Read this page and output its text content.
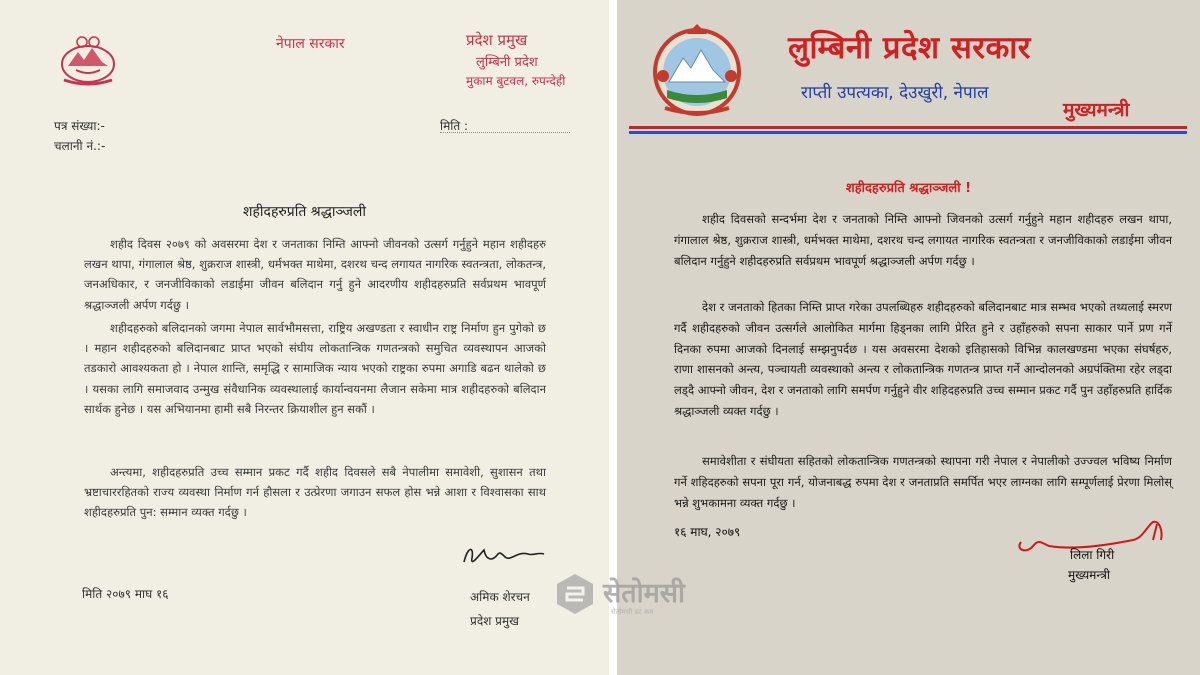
नेपाल सरकार	प्रदेश प्रमुख

लुम्बिनी प्रदेश

मुकाम बुटवल, रुपन्देही

पत्र संख्या:-	मिति :

चलानी नं.:-

शहीदहरुप्रति श्रद्धाञ्जली

शहीद दिवस २०७९ को अवसरमा देश र जनताका निम्ति आफ्नो जीवनको उत्सर्ग गर्नुहुने महान शहीदहरु लखन थापा, गंगालाल श्रेष्ठ, शुक्रराज शास्त्री, धर्मभक्त माथेमा, दशरथ चन्द लगायत नागरिक स्वतन्त्रता, लोकतन्त्र, जनअधिकार, र जनजीविकाको लडाईमा जीवन बलिदान गर्नु हुने आदरणीय शहीदहरुप्रति सर्वप्रथम भावपूर्ण श्रद्धाञ्जली अर्पण गर्दछु ।

शहीदहरुको बलिदानको जगमा नेपाल सार्वभौमसत्ता, राष्ट्रिय अखण्डता र स्वाधीन राष्ट्र निर्माण हुन पुगेको छ । महान शहीदहरुको बलिदानबाट प्राप्त भएको संघीय लोकतान्त्रिक गणतन्त्रको समुचित व्यवस्थापन आजको तडकारो आवश्यकता हो । नेपाल शान्ति, समृद्धि र सामाजिक न्याय भएको राष्ट्रका रुपमा अगाडि बढन थालेको छ । यसका लागि समाजवाद उन्मुख संवैधानिक व्यवस्थालाई कार्यान्वयनमा लैजान सकेमा मात्र शहीदहरुको बलिदान सार्थक हुनेछ । यस अभियानमा हामी सबै निरन्तर क्रियाशील हुन सकौं ।

अन्त्यमा, शहीदहरुप्रति उच्च सम्मान प्रकट गर्दै शहीद दिवसले सबै नेपालीमा समावेशी, सुशासन तथा भ्रष्टाचाररहितको राज्य व्यवस्था निर्माण गर्न हौसला र उत्प्रेरणा जगाउन सफल होस भन्ने आशा र विश्वासका साथ शहीदहरुप्रति पुन: सम्मान व्यक्त गर्दछु ।

मिति २०७९ माघ १६	अमिक शेरचन

प्रदेश प्रमुख

लुम्बिनी प्रदेश सरकार

राप्ती उपत्यका, देउखुरी, नेपाल

मुख्यमन्त्री

शहीदहरुप्रति श्रद्धाञ्जली !

शहीद दिवसको सन्दर्भमा देश र जनताको निम्ति आफ्नो जिवनको उत्सर्ग गर्नुहुने महान शहीदहरु लखन थापा, गंगालाल श्रेष्ठ, शुक्रराज शास्त्री, धर्मभक्त माथेमा, दशरथ चन्द लगायत नागरिक स्वतन्त्रता र जनजीविकाको लडाईमा जीवन बलिदान गर्नुहुने शहीदहरुप्रति सर्वप्रथम भावपूर्ण श्रद्धाञ्जली अर्पण गर्दछु ।

देश र जनताको हितका निम्ति प्राप्त गरेका उपलब्धिहरु शहीदहरुको बलिदानबाट मात्र सम्भव भएको तथ्यलाई स्मरण गर्दै शहीदहरुको जीवन उत्सर्गले आलोकित मार्गमा हिड्नका लागि प्रेरित हुने र उहाँहरुको सपना साकार पार्ने प्रण गर्ने दिनका रुपमा आजको दिनलाई सम्झनुपर्दछ । यस अवसरमा देशको इतिहासको विभिन्न कालखण्डमा भएका संघर्षहरु, राणा शासनको अन्त्य, पञ्चायती व्यवस्थाको अन्त्य र लोकतान्त्रिक गणतन्त्र प्राप्त गर्ने आन्दोलनको अग्रपंक्तिमा रहेर लड्दा लड्दै आफ्नो जीवन, देश र जनताको लागि समर्पण गर्नुहुने वीर शहिदहरुप्रति उच्च सम्मान प्रकट गर्दै पुन उहाँहरुप्रति हार्दिक श्रद्धाञ्जली व्यक्त गर्दछु ।

समावेशीता र संघीयता सहितको लोकतान्त्रिक गणतन्त्रको स्थापना गरी नेपाल र नेपालीको उज्ज्वल भविष्य निर्माण गर्ने शहिदहरुको सपना पूरा गर्न, योजनाबद्ध रुपमा देश र जनताप्रति समर्पित भएर लाग्नका लागि सम्पूर्णलाई प्रेरणा मिलोस् भन्ने शुभकामना व्यक्त गर्दछु ।

१६ माघ, २०७९

लिला गिरी

मुख्यमन्त्री

सेतोमसी

सेतोमसी डट कम
